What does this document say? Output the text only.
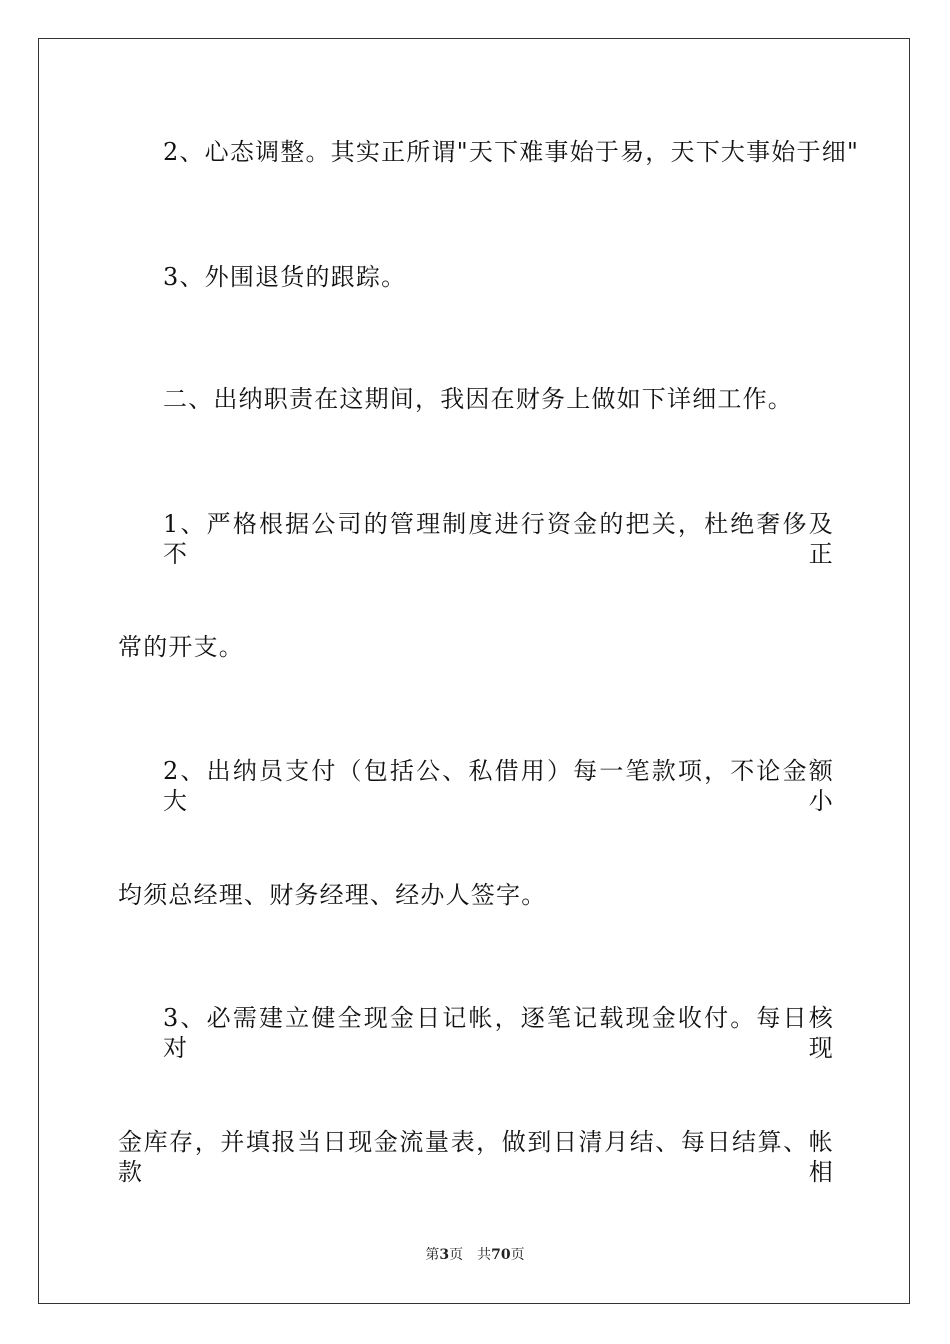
2、心态调整。其实正所谓"天下难事始于易，天下大事始于细"
3、外围退货的跟踪。
二、出纳职责在这期间，我因在财务上做如下详细工作。
1、严格根据公司的管理制度进行资金的把关，杜绝奢侈及不正
常的开支。
2、出纳员支付（包括公、私借用）每一笔款项，不论金额大小
均须总经理、财务经理、经办人签字。
3、必需建立健全现金日记帐，逐笔记载现金收付。每日核对现
金库存，并填报当日现金流量表，做到日清月结、每日结算、帐款相
第3页 共70页
